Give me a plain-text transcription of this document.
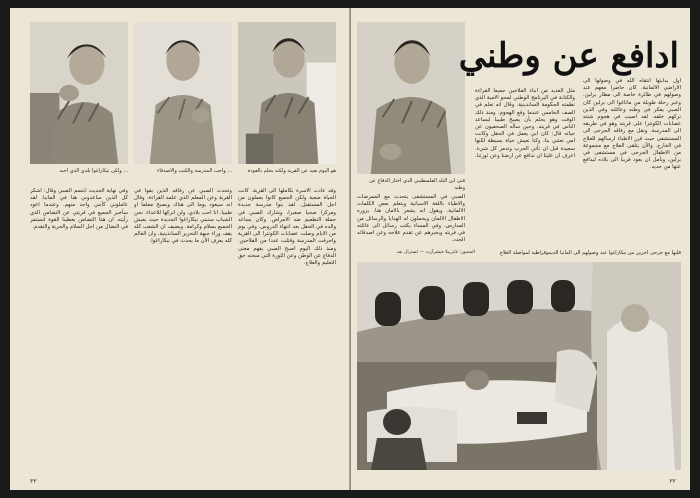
... ولكن نيكاراغوا بلدي الذي احبه	... واحب المدرسة والكتب والاصدقاء	هو اليوم بعيد عن القرية ولكنه يحلم بالعودة
وقد عادت الاسرة بكاملها الى القرية. كانت الحياة صعبة ولكن الجميع كانوا يعملون من اجل المستقبل. لقد بنوا مدرسة جديدة ومركزا صحيا صغيرا، وشارك الصبي في حملة التطعيم ضد الامراض. وكان يساعد والده في الحقل بعد انتهاء الدروس. وفي يوم من الايام وصلت عصابات الكونترا الى القرية واحرقت المدرسة وقتلت عددا من الفلاحين. ومنذ ذلك اليوم اصبح الصبي يفهم معنى الدفاع عن الوطن وعن الثورة التي منحته حق التعليم والعلاج.
وتحدث الصبي عن رفاقه الذين بقوا في القرية وعن المعلم الذي علمه القراءة. وقال انه سيعود يوما الى هناك ويصبح معلما او طبيبا. انا احب بلادي، ولن اتركها للاعداء. نحن الشباب سنبني نيكاراغوا الجديدة حيث يعيش الجميع بسلام وكرامة. ويضيف ان الشعب كله يقف وراء جبهة التحرير الساندينية، وان العالم كله يعرف الآن ما يحدث في نيكاراغوا.
وفي نهاية الحديث ابتسم الصبي وقال: اشكر كل الذين ساعدوني هنا في المانيا. لقد عاملوني كأنني واحد منهم. وعندما اعود سأخبر الجميع في قريتي عن التضامن الذي رأيته. ان هذا التضامن يعطينا القوة لنستمر في النضال من اجل السلام والحرية والتقدم.
٣٣
ادافع عن وطني
اول بدايتها انتقاه الله في وصولها الى الاراضي الالمانية. كان حاضرا معهم عند وصولهم في طائرة خاصة الى مطار برلين. وعبر رحلة طويلة من ماناغوا الى برلين كان الصبي يفكر في وطنه وعائلته وفي الذين تركهم خلفه. لقد اصيب في هجوم شنته عصابات الكونترا على قريته وهو في طريقه الى المدرسة. ونقل مع رفاقه الجرحى الى المستشفى حيث قرر الاطباء ارسالهم للعلاج في الخارج. والآن يتلقى العلاج مع مجموعة من الاطفال الجرحى في مستشفى في برلين، ويأمل ان يعود قريبا الى بلاده ليدافع عنها من جديد.
مثل العديد من ابناء الفلاحين جميعا القراءة والكتابة في البرنامج الوطني لمحو الامية الذي نظمته الحكومة الساندينية. وقال انه تعلم في الصف الخامس عندما وقع الهجوم. ومنذ ذلك الوقت وهو يحلم بأن يصبح طبيبا ليساعد الناس في قريته. وحين سأله الصحفيون عن حياته قال: كان ابي يعمل في الحقل وكانت امي تعتني بنا، وكنا نعيش حياة بسيطة لكنها سعيدة قبل ان تأتي الحرب وتدمر كل شيء. اعرف ان علينا ان ندافع عن ارضنا وعن ثورتنا.
فتى ابن البلد الفلسطيني الذي اختار الدفاع عن وطنه
الصبي في المستشفى يتحدث مع الممرضات والاطباء باللغة الاسبانية ويتعلم بعض الكلمات الالمانية. ويقول انه يشعر بالامان هنا. يزوره الاطفال الالمان ويحملون له الهدايا والرسائل من المدارس. وفي المساء يكتب رسائل الى عائلته في قريته ويخبرهم عن تقدم علاجه وعن اصدقائه الجدد.
المصور: غابرييلا فيشرآرت — لسترال بف	قلبها مع جرحى آخرين من نيكاراغوا عند وصولهم الى ألمانيا الديموقراطية لمواصلة العلاج
٣٢
